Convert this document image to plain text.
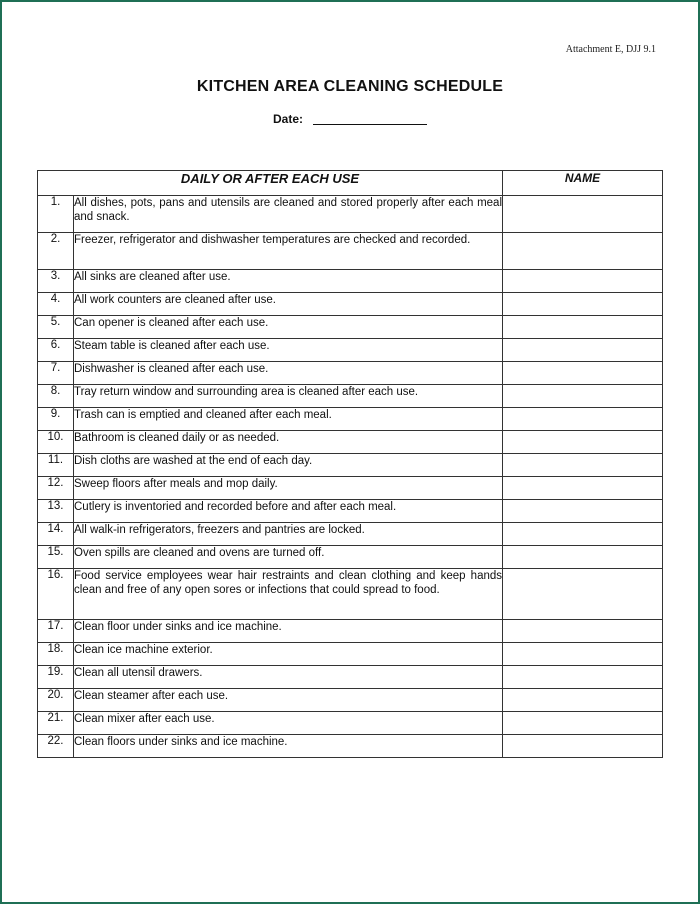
Attachment E, DJJ 9.1
KITCHEN AREA CLEANING SCHEDULE
Date:
DAILY OR AFTER EACH USE		NAME
1.	All dishes, pots, pans and utensils are cleaned and stored properly after each meal and snack.	
2.	Freezer, refrigerator and dishwasher temperatures are checked and recorded.	
3.	All sinks are cleaned after use.	
4.	All work counters are cleaned after use.	
5.	Can opener is cleaned after each use.	
6.	Steam table is cleaned after each use.	
7.	Dishwasher is cleaned after each use.	
8.	Tray return window and surrounding area is cleaned after each use.	
9.	Trash can is emptied and cleaned after each meal.	
10.	Bathroom is cleaned daily or as needed.	
11.	Dish cloths are washed at the end of each day.	
12.	Sweep floors after meals and mop daily.	
13.	Cutlery is inventoried and recorded before and after each meal.	
14.	All walk-in refrigerators, freezers and pantries are locked.	
15.	Oven spills are cleaned and ovens are turned off.	
16.	Food service employees wear hair restraints and clean clothing and keep hands clean and free of any open sores or infections that could spread to food.	
17.	Clean floor under sinks and ice machine.	
18.	Clean ice machine exterior.	
19.	Clean all utensil drawers.	
20.	Clean steamer after each use.	
21.	Clean mixer after each use.	
22.	Clean floors under sinks and ice machine.	
